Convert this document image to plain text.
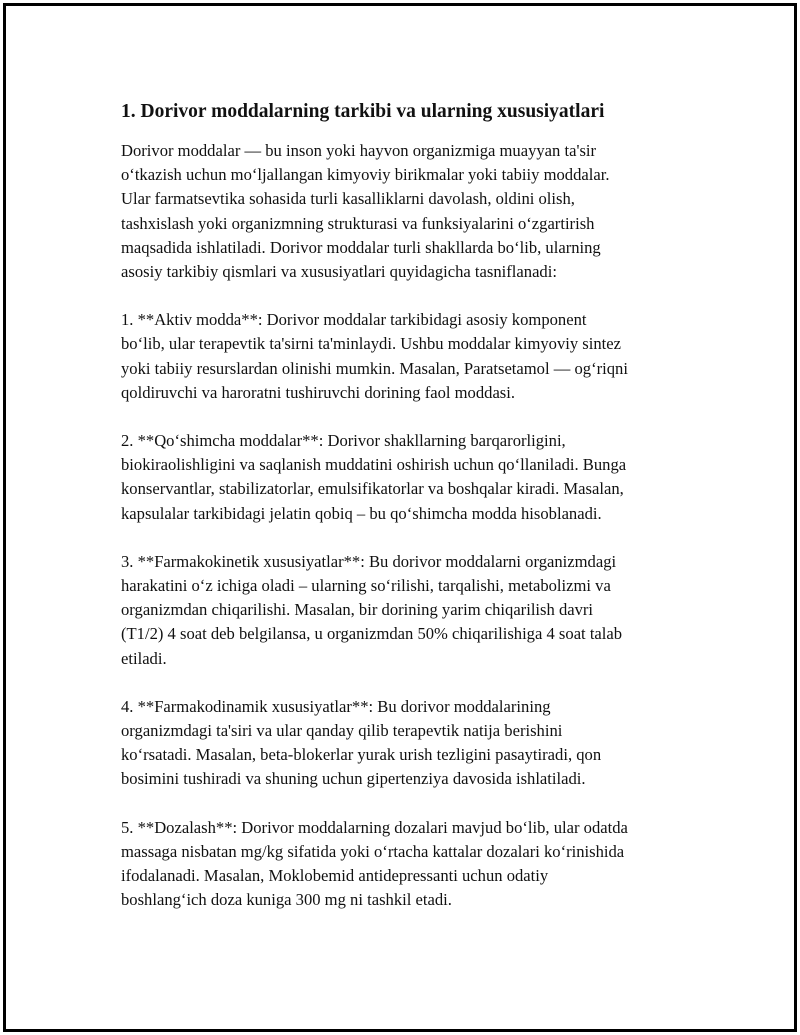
1. Dorivor moddalarning tarkibi va ularning xususiyatlari
Dorivor moddalar — bu inson yoki hayvon organizmiga muayyan ta'sir
o‘tkazish uchun mo‘ljallangan kimyoviy birikmalar yoki tabiiy moddalar.
Ular farmatsevtika sohasida turli kasalliklarni davolash, oldini olish,
tashxislash yoki organizmning strukturasi va funksiyalarini o‘zgartirish
maqsadida ishlatiladi. Dorivor moddalar turli shakllarda bo‘lib, ularning
asosiy tarkibiy qismlari va xususiyatlari quyidagicha tasniflanadi:
1. **Aktiv modda**: Dorivor moddalar tarkibidagi asosiy komponent
bo‘lib, ular terapevtik ta'sirni ta'minlaydi. Ushbu moddalar kimyoviy sintez
yoki tabiiy resurslardan olinishi mumkin. Masalan, Paratsetamol — og‘riqni
qoldiruvchi va haroratni tushiruvchi dorining faol moddasi.
2. **Qo‘shimcha moddalar**: Dorivor shakllarning barqarorligini,
biokiraolishligini va saqlanish muddatini oshirish uchun qo‘llaniladi. Bunga
konservantlar, stabilizatorlar, emulsifikatorlar va boshqalar kiradi. Masalan,
kapsulalar tarkibidagi jelatin qobiq – bu qo‘shimcha modda hisoblanadi.
3. **Farmakokinetik xususiyatlar**: Bu dorivor moddalarni organizmdagi
harakatini o‘z ichiga oladi – ularning so‘rilishi, tarqalishi, metabolizmi va
organizmdan chiqarilishi. Masalan, bir dorining yarim chiqarilish davri
(T1/2) 4 soat deb belgilansa, u organizmdan 50% chiqarilishiga 4 soat talab
etiladi.
4. **Farmakodinamik xususiyatlar**: Bu dorivor moddalarining
organizmdagi ta'siri va ular qanday qilib terapevtik natija berishini
ko‘rsatadi. Masalan, beta-blokerlar yurak urish tezligini pasaytiradi, qon
bosimini tushiradi va shuning uchun gipertenziya davosida ishlatiladi.
5. **Dozalash**: Dorivor moddalarning dozalari mavjud bo‘lib, ular odatda
massaga nisbatan mg/kg sifatida yoki o‘rtacha kattalar dozalari ko‘rinishida
ifodalanadi. Masalan, Moklobemid antidepressanti uchun odatiy
boshlang‘ich doza kuniga 300 mg ni tashkil etadi.
